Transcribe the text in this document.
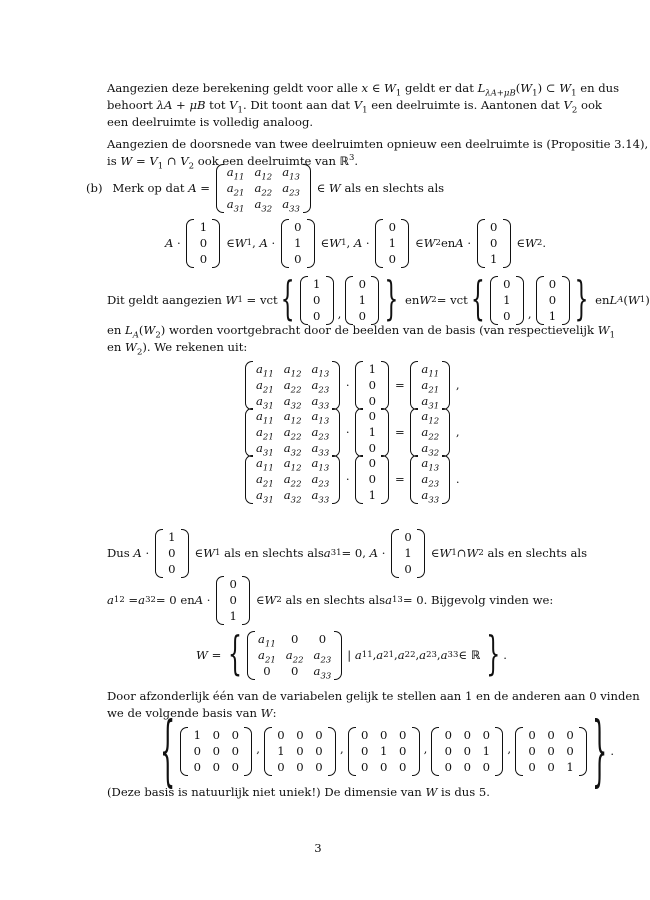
Aangezien deze berekening geldt voor alle x ∈ $W_1$ geldt er dat $L_{\lambda A+\mu B}(W_1)$ ⊂ $W_1$ en dus
behoort λA + μB tot $V_1$. Dit toont aan dat $V_1$ een deelruimte is. Aantonen dat $V_2$ ook
een deelruimte is volledig analoog.
Aangezien de doorsnede van twee deelruimten opnieuw een deelruimte is (Propositie 3.14),
is $W = V_1$ ∩ $V_2$ ook een deelruimte van ℝ$^3$.
(b) Merk op dat A =
$a_{11}$ $a_{12}$ $a_{13}$
$a_{21}$ $a_{22}$ $a_{23}$
$a_{31}$ $a_{32}$ $a_{33}$
∈ W als en slechts als
A ·
1
0
0
∈ W 1 , A ·
0
1
0
∈ W 1 , A ·
0
1
0
∈ W 2 en A ·
0
0
1
∈ W 2 .
Dit geldt aangezien W 1 = vct { 1
0
0 ,
0
1
0 } en W 2 = vct { 0
1
0 ,
0
0
1 } en L A ( W 1 )
en $L_A(W_2)$ worden voortgebracht door de beelden van de basis (van respectievelijk $W_1$
en $W_2$). We rekenen uit:
$a_{11}$ $a_{12}$ $a_{13}$
$a_{21}$ $a_{22}$ $a_{23}$
$a_{31}$ $a_{32}$ $a_{33}$
·
1
0
0
=
$a_{11}$
$a_{21}$
$a_{31}$
,
$a_{11}$ $a_{12}$ $a_{13}$
$a_{21}$ $a_{22}$ $a_{23}$
$a_{31}$ $a_{32}$ $a_{33}$
·
0
1
0
=
$a_{12}$
$a_{22}$
$a_{32}$
,
$a_{11}$ $a_{12}$ $a_{13}$
$a_{21}$ $a_{22}$ $a_{23}$
$a_{31}$ $a_{32}$ $a_{33}$
·
0
0
1
=
$a_{13}$
$a_{23}$
$a_{33}$
.
Dus A ·
1
0
0
∈ W 1 als en slechts als a 31 = 0, A ·
0
1
0
∈ W 1 ∩ W 2 als en slechts als
a 12 = a 32 = 0 en A ·
0
0
1
∈ W 2 als en slechts als a 13 = 0. Bijgevolg vinden we:
W = { $a_{11}$	0	0
$a_{21}$ $a_{22}$ $a_{23}$
0	0	$a_{33}$
| a 11 , a 21 , a 22 , a 23 , a 33 ∈ ℝ } .
Door afzonderlijk één van de variabelen gelijk te stellen aan 1 en de anderen aan 0 vinden
we de volgende basis van W:
{ 1 0 0
0 0 0
0 0 0
,
0 0 0
1 0 0
0 0 0
,
0 0 0
0 1 0
0 0 0
,
0 0 0
0 0 1
0 0 0
,
0 0 0
0 0 0
0 0 1 } .
(Deze basis is natuurlijk niet uniek!) De dimensie van W is dus 5.
3
